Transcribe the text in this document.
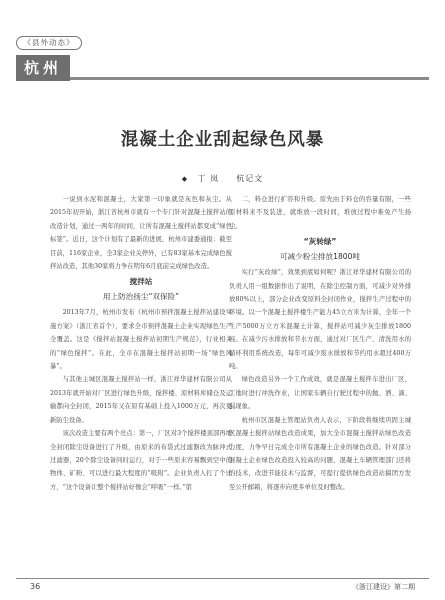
《县外动态》
杭州
混凝土企业刮起绿色风暴
◆ 丁 岚 杭记文

一说到水泥和混凝土，大家第一印象就是灰色和灰尘。从2015年初开始，浙江省杭州市就有一个专门针对混凝土搅拌站的改造计划，通过一两年的时间，让所有混凝土搅拌站都变成“绿色标签”。近日，这个计划有了最新的进展，杭州市建委通报：截至目前，116家企业，全3家企业关停外，已有83家基本完成绿色搅拌站改造，其他30家将力争在明年6月底前完成绿色改造。

搅拌站
用上防治扬尘“双保险”

2013年7月，杭州市发布《杭州市预拌混凝土搅拌站建设实施方案》（浙江省首个），要求全市预拌混凝土企业实现绿色生产全覆盖。这是《搅拌站混凝土搅拌站初期生产规范》，行业相关的“绿色搅拌”。在此，全市在混凝土搅拌站初期一场“绿色风暴”。

与其他主城区混凝土搅拌站一样，浙江祥华建材有限公司从2013年就开始对厂区进行绿色升级，搅拌楼、原材料库储仓及运输都向全封闭，2015年又在原有基础上投入1000万元，再次更新防尘设备。

该次改造主要有两个亮点：第一，厂区对3个搅拌楼顶部再增全封闭除尘设备进行了升级，由原来的布袋式过滤器改为脉冲式过滤器，20个除尘设备同时运行，对于一些原来容易飘到空中的物体、矿粉、可以进行最大程度的“吸附”。企业负责人打了个比方，“这个设备让整个搅拌站好像会“呼吸”一样。”第

二，料仓进行扩容和升级。原先由于料仓的容量有限，一些原材料来不及装进，就堆放一段时间，堆放过程中难免产生扬尘。

“灰转绿”
可减少粉尘排放1800吨

实行“灰改绿”，效果到底如何呢？浙江祥华建材有限公司的负责人用一组数据作出了说明，在除尘控制方面，可减少对外排放80%以上，部分企业改变原料全封闭作业，搅拌生产过程中的环境。以一个混凝土搅拌楼生产能力45立方米为计算，全年一个生产5000万立方米混凝土计算，搅拌站可减少灰尘排放1800吨。在减少污水排放和节水方面，通过对厂区生产、清洗用水的循环利用系统改造，每年可减少废水排放和节约用水超过400万吨。

绿色改造另外一个工作成效，就是混凝土搅拌车进出厂区，工地时进行冲洗作业，让国家车辆自行驶过程中的抛、洒、滴、漏现象。

杭州市区混凝土管理站负责人表示，下阶段将继续巩固主城区混凝土搅拌站绿色改造成果，加大全市混凝土搅拌站绿色改造力度，力争早日完成全市所有混凝土企业的绿色改造。针对部分混凝土企业绿色改造投入较高的问题，混凝土车辆管理部门还将的技术，改进节能技术与监督，可提行提供绿色改造站搞团方发至公开邮箱，将逐步向更多单位及时整改。

36	《浙江建设》第二期
